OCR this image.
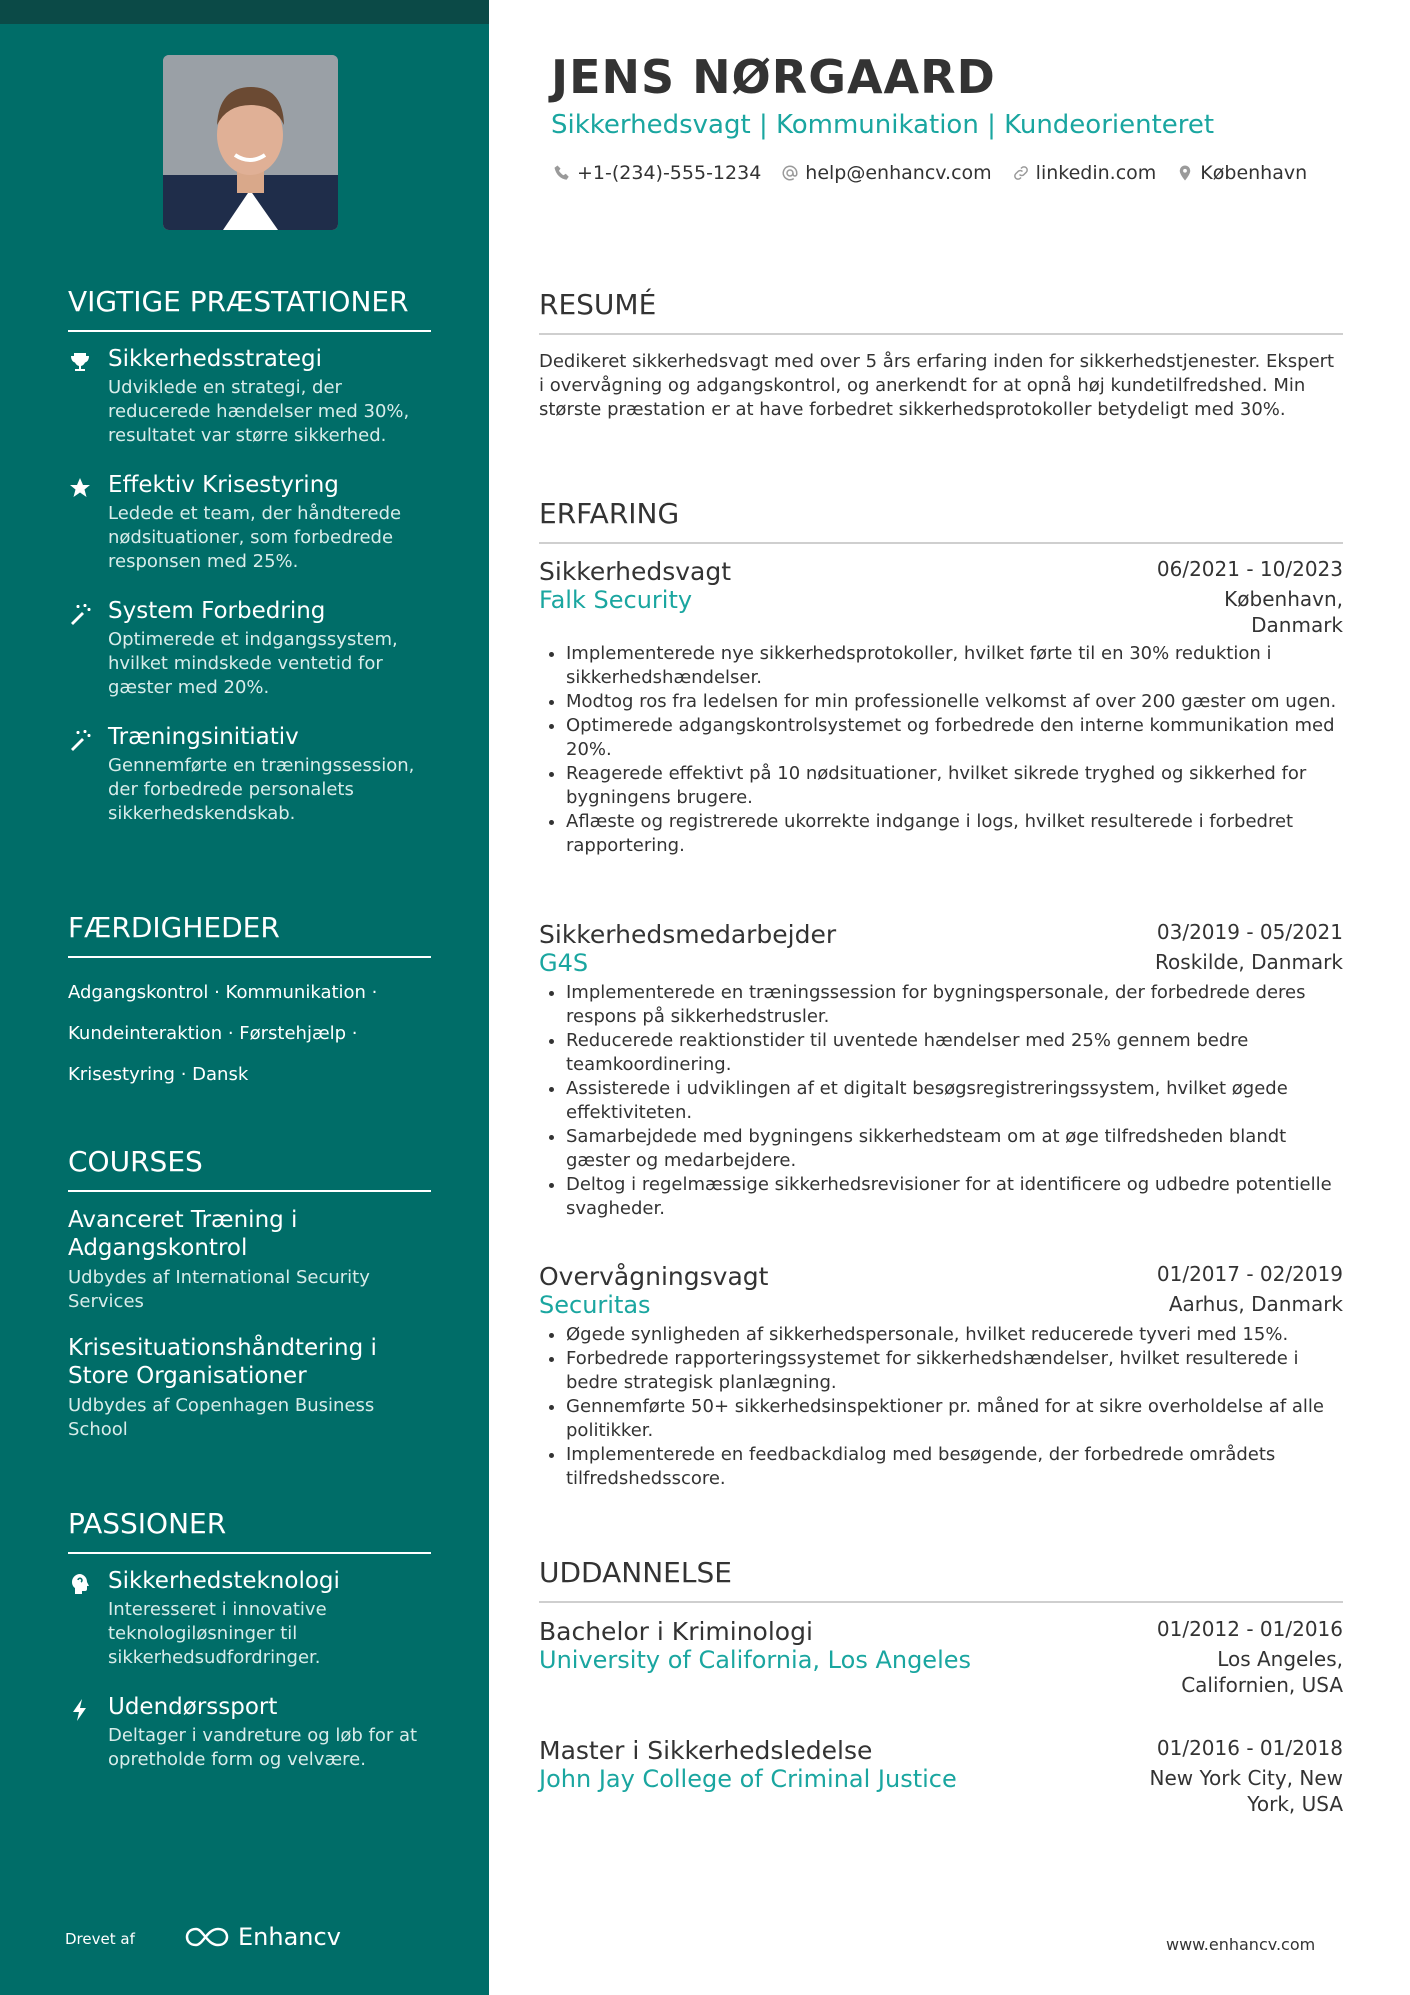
VIGTIGE PRÆSTATIONER
Sikkerhedsstrategi
Udviklede en strategi, der reducerede hændelser med 30%, resultatet var større sikkerhed.
Effektiv Krisestyring
Ledede et team, der håndterede nødsituationer, som forbedrede responsen med 25%.
System Forbedring
Optimerede et indgangssystem, hvilket mindskede ventetid for gæster med 20%.
Træningsinitiativ
Gennemførte en træningssession, der forbedrede personalets sikkerhedskendskab.
FÆRDIGHEDER
Adgangskontrol · Kommunikation ·
Kundeinteraktion · Førstehjælp ·
Krisestyring · Dansk
COURSES
Avanceret Træning i Adgangskontrol
Udbydes af International Security Services
Krisesituationshåndtering i Store Organisationer
Udbydes af Copenhagen Business School
PASSIONER
Sikkerhedsteknologi
Interesseret i innovative teknologiløsninger til sikkerhedsudfordringer.
Udendørssport
Deltager i vandreture og løb for at opretholde form og velvære.
Drevet af	Enhancv
JENS NØRGAARD
Sikkerhedsvagt | Kommunikation | Kundeorienteret
+1-(234)-555-1234 help@enhancv.com linkedin.com København
RESUMÉ
Dedikeret sikkerhedsvagt med over 5 års erfaring inden for sikkerhedstjenester. Ekspert i overvågning og adgangskontrol, og anerkendt for at opnå høj kundetilfredshed. Min største præstation er at have forbedret sikkerhedsprotokoller betydeligt med 30%.
ERFARING
Sikkerhedsvagt	06/2021 - 10/2023
Falk Security	København, Danmark
• Implementerede nye sikkerhedsprotokoller, hvilket førte til en 30% reduktion i sikkerhedshændelser.
• Modtog ros fra ledelsen for min professionelle velkomst af over 200 gæster om ugen.
• Optimerede adgangskontrolsystemet og forbedrede den interne kommunikation med 20%.
• Reagerede effektivt på 10 nødsituationer, hvilket sikrede tryghed og sikkerhed for bygningens brugere.
• Aflæste og registrerede ukorrekte indgange i logs, hvilket resulterede i forbedret rapportering.
Sikkerhedsmedarbejder	03/2019 - 05/2021
G4S	Roskilde, Danmark
• Implementerede en træningssession for bygningspersonale, der forbedrede deres respons på sikkerhedstrusler.
• Reducerede reaktionstider til uventede hændelser med 25% gennem bedre teamkoordinering.
• Assisterede i udviklingen af et digitalt besøgsregistreringssystem, hvilket øgede effektiviteten.
• Samarbejdede med bygningens sikkerhedsteam om at øge tilfredsheden blandt gæster og medarbejdere.
• Deltog i regelmæssige sikkerhedsrevisioner for at identificere og udbedre potentielle svagheder.
Overvågningsvagt	01/2017 - 02/2019
Securitas	Aarhus, Danmark
• Øgede synligheden af sikkerhedspersonale, hvilket reducerede tyveri med 15%.
• Forbedrede rapporteringssystemet for sikkerhedshændelser, hvilket resulterede i bedre strategisk planlægning.
• Gennemførte 50+ sikkerhedsinspektioner pr. måned for at sikre overholdelse af alle politikker.
• Implementerede en feedbackdialog med besøgende, der forbedrede områdets tilfredshedsscore.
UDDANNELSE
Bachelor i Kriminologi	01/2012 - 01/2016
University of California, Los Angeles	Los Angeles, Californien, USA
Master i Sikkerhedsledelse	01/2016 - 01/2018
John Jay College of Criminal Justice	New York City, New York, USA
www.enhancv.com
